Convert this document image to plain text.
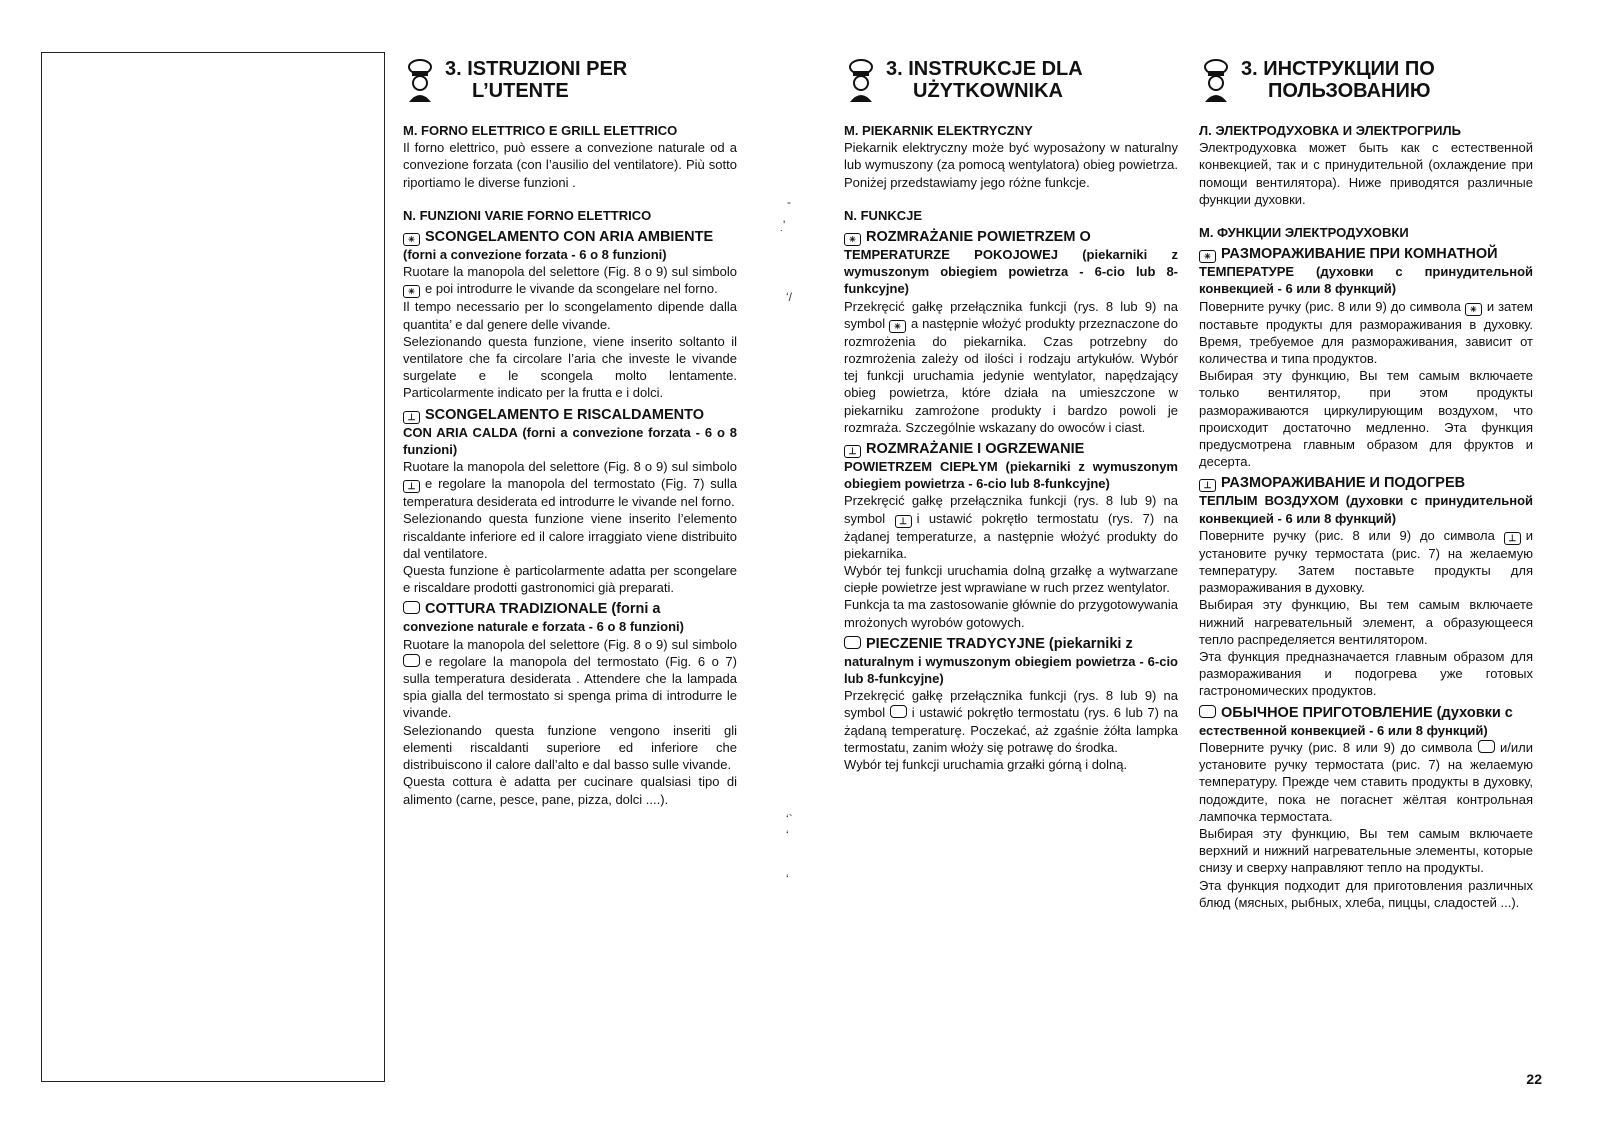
-
'̣
‘/
‘`
‘
‘
3. ISTRUZIONI PER
L’UTENTE

M. FORNO ELETTRICO E GRILL ELETTRICO

Il forno elettrico, può essere a convezione naturale od a convezione forzata (con l’ausilio del ventilatore). Più sotto riportiamo le diverse funzioni .

N. FUNZIONI VARIE FORNO ELETTRICO

✳SCONGELAMENTO CON ARIA AMBIENTE

(forni a convezione forzata - 6 o 8 funzioni)

Ruotare la manopola del selettore (Fig. 8 o 9) sul simbolo ✳e poi introdurre le vivande da scongelare nel forno.

Il tempo necessario per lo scongelamento dipende dalla quantita’ e dal genere delle vivande.

Selezionando questa funzione, viene inserito soltanto il ventilatore che fa circolare l’aria che investe le vivande surgelate e le scongela molto lentamente. Particolarmente indicato per la frutta e i dolci.

⊥SCONGELAMENTO E RISCALDAMENTO

CON ARIA CALDA (forni a convezione forzata - 6 o 8 funzioni)

Ruotare la manopola del selettore (Fig. 8 o 9) sul simbolo ⊥e regolare la manopola del termostato (Fig. 7) sulla temperatura desiderata ed introdurre le vivande nel forno.

Selezionando questa funzione viene inserito l’elemento riscaldante inferiore ed il calore irraggiato viene distribuito dal ventilatore.

Questa funzione è particolarmente adatta per scongelare e riscaldare prodotti gastronomici già preparati.

COTTURA TRADIZIONALE (forni a

convezione naturale e forzata - 6 o 8 funzioni)

Ruotare la manopola del selettore (Fig. 8 o 9) sul simbolo e regolare la manopola del termostato (Fig. 6 o 7) sulla temperatura desiderata . Attendere che la lampada spia gialla del termostato si spenga prima di introdurre le vivande.

Selezionando questa funzione vengono inseriti gli elementi riscaldanti superiore ed inferiore che distribuiscono il calore dall’alto e dal basso sulle vivande.

Questa cottura è adatta per cucinare qualsiasi tipo di alimento (carne, pesce, pane, pizza, dolci ....).

3. INSTRUKCJE DLA
UŻYTKOWNIKA

M. PIEKARNIK ELEKTRYCZNY

Piekarnik elektryczny może być wyposażony w naturalny lub wymuszony (za pomocą wentylatora) obieg powietrza. Poniżej przedstawiamy jego różne funkcje.

N. FUNKCJE

✳ROZMRAŻANIE POWIETRZEM O

TEMPERATURZE POKOJOWEJ (piekarniki z wymuszonym obiegiem powietrza - 6-cio lub 8-funkcyjne)

Przekręcić gałkę przełącznika funkcji (rys. 8 lub 9) na symbol ✳ a następnie włożyć produkty przeznaczone do rozmrożenia do piekarnika. Czas potrzebny do rozmrożenia zależy od ilości i rodzaju artykułów. Wybór tej funkcji uruchamia jedynie wentylator, napędzający obieg powietrza, które działa na umieszczone w piekarniku zamrożone produkty i bardzo powoli je rozmraża. Szczególnie wskazany do owoców i ciast.

⊥ROZMRAŻANIE I OGRZEWANIE

POWIETRZEM CIEPŁYM (piekarniki z wymuszonym obiegiem powietrza - 6-cio lub 8-funkcyjne)

Przekręcić gałkę przełącznika funkcji (rys. 8 lub 9) na symbol ⊥ i ustawić pokrętło termostatu (rys. 7) na żądanej temperaturze, a następnie włożyć produkty do piekarnika.

Wybór tej funkcji uruchamia dolną grzałkę a wytwarzane ciepłe powietrze jest wprawiane w ruch przez wentylator.

Funkcja ta ma zastosowanie głównie do przygotowywania mrożonych wyrobów gotowych.

PIECZENIE TRADYCYJNE (piekarniki z

naturalnym i wymuszonym obiegiem powietrza - 6-cio lub 8-funkcyjne)

Przekręcić gałkę przełącznika funkcji (rys. 8 lub 9) na symbol i ustawić pokrętło termostatu (rys. 6 lub 7) na żądaną temperaturę. Poczekać, aż zgaśnie żółta lampka termostatu, zanim włoży się potrawę do środka.

Wybór tej funkcji uruchamia grzałki górną i dolną.

3. ИНСТРУКЦИИ ПО
ПОЛЬЗОВАНИЮ

Л. ЭЛЕКТРОДУХОВКА И ЭЛЕКТРОГРИЛЬ

Электродуховка может быть как с естественной конвекцией, так и с принудительной (охлаждение при помощи вентилятора). Ниже приводятся различные функции духовки.

М. ФУНКЦИИ ЭЛЕКТРОДУХОВКИ

✳РАЗМОРАЖИВАНИЕ ПРИ КОМНАТНОЙ

ТЕМПЕРАТУРЕ (духовки с принудительной конвекцией - 6 или 8 функций)

Поверните ручку (рис. 8 или 9) до символа ✳ и затем поставьте продукты для размораживания в духовку. Время, требуемое для размораживания, зависит от количества и типа продуктов.

Выбирая эту функцию, Вы тем самым включаете только вентилятор, при этом продукты размораживаются циркулирующим воздухом, что происходит достаточно медленно. Эта функция предусмотрена главным образом для фруктов и десерта.

⊥РАЗМОРАЖИВАНИЕ И ПОДОГРЕВ

ТЕПЛЫМ ВОЗДУХОМ (духовки с принудительной конвекцией - 6 или 8 функций)

Поверните ручку (рис. 8 или 9) до символа ⊥ и установите ручку термостата (рис. 7) на желаемую температуру. Затем поставьте продукты для размораживания в духовку.

Выбирая эту функцию, Вы тем самым включаете нижний нагревательный элемент, а образующееся тепло распределяется вентилятором.

Эта функция предназначается главным образом для размораживания и подогрева уже готовых гастрономических продуктов.

ОБЫЧНОЕ ПРИГОТОВЛЕНИЕ (духовки с

естественной конвекцией - 6 или 8 функций)

Поверните ручку (рис. 8 или 9) до символа и/или установите ручку термостата (рис. 7) на желаемую температуру. Прежде чем ставить продукты в духовку, подождите, пока не погаснет жёлтая контрольная лампочка термостата.

Выбирая эту функцию, Вы тем самым включаете верхний и нижний нагревательные элементы, которые снизу и сверху направляют тепло на продукты.

Эта функция подходит для приготовления различных блюд (мясных, рыбных, хлеба, пиццы, сладостей ...).

22
